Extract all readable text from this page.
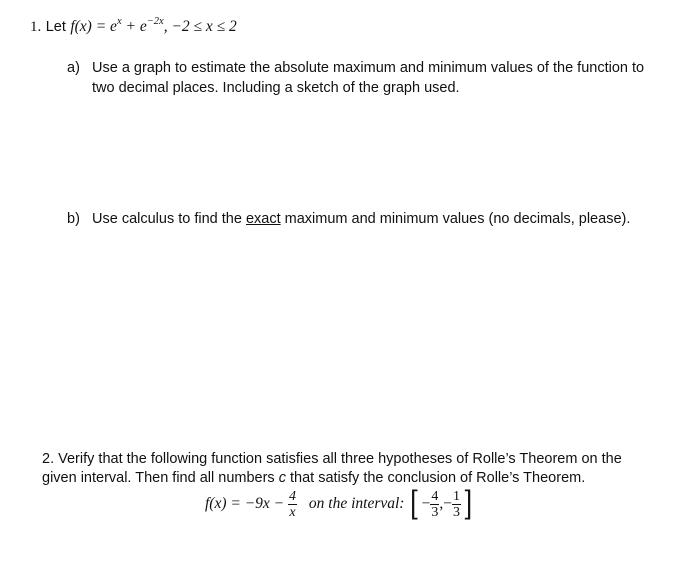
1. Let $f(x) = e^x + e^{-2x}$, −2 ≤ x ≤ 2
a) Use a graph to estimate the absolute maximum and minimum values of the function to
two decimal places. Including a sketch of the graph used.
b) Use calculus to find the exact maximum and minimum values (no decimals, please).
2. Verify that the following function satisfies all three hypotheses of Rolle’s Theorem on the
given interval. Then find all numbers c that satisfy the conclusion of Rolle’s Theorem.
$f(x) = -9x - \frac{4}{x}$ on the interval: [ − $\frac{4}{3}$ ,− $\frac{1}{3}$ ]
